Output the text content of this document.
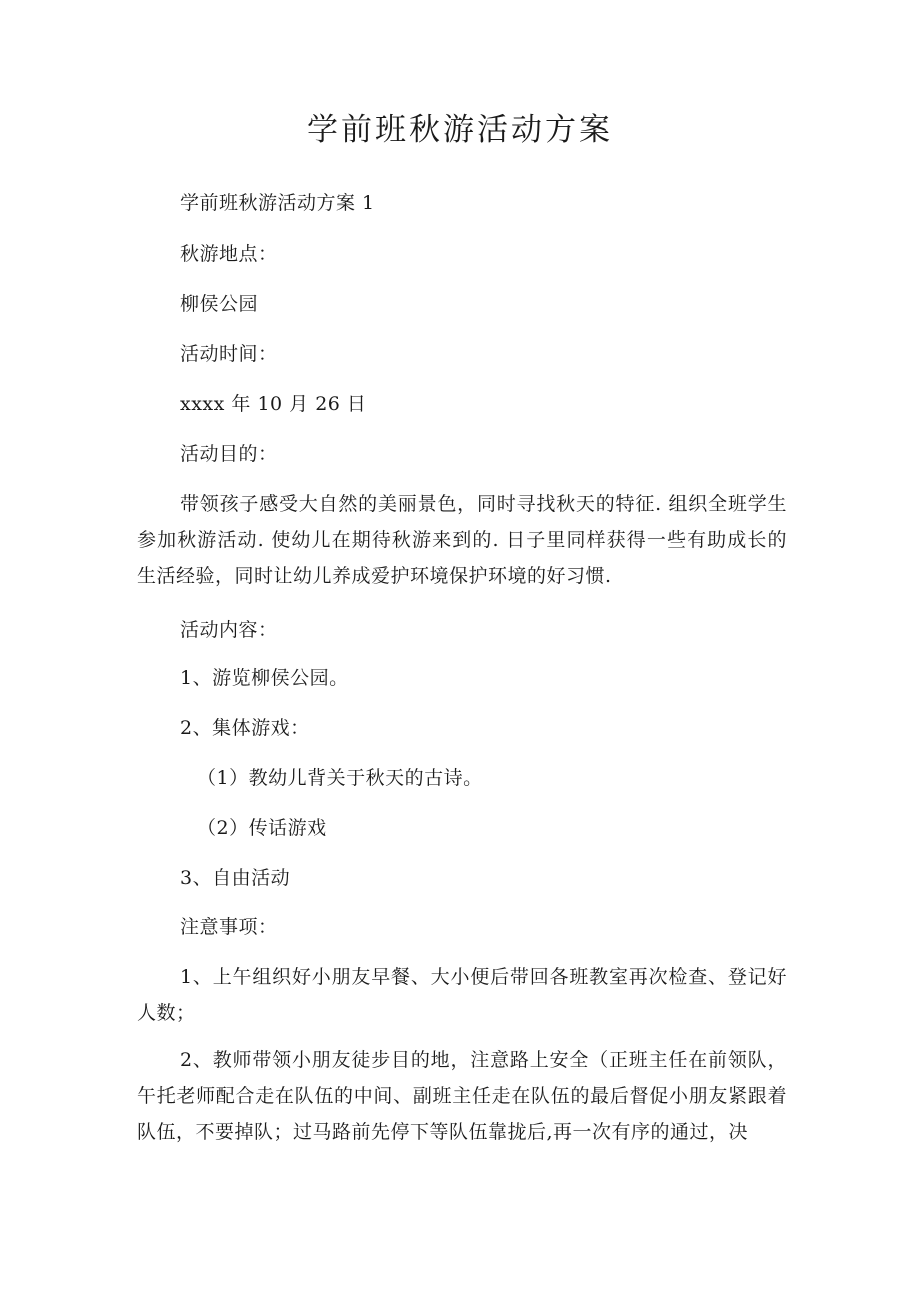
学前班秋游活动方案
学前班秋游活动方案 1
秋游地点：
柳侯公园
活动时间：
xxxx 年 10 月 26 日
活动目的：
带领孩子感受大自然的美丽景色，同时寻找秋天的特征. 组织全班学生参加秋游活动. 使幼儿在期待秋游来到的. 日子里同样获得一些有助成长的生活经验，同时让幼儿养成爱护环境保护环境的好习惯.
活动内容：
1、游览柳侯公园。
2、集体游戏：
（1）教幼儿背关于秋天的古诗。
（2）传话游戏
3、自由活动
注意事项：
1、上午组织好小朋友早餐、大小便后带回各班教室再次检查、登记好人数；
2、教师带领小朋友徒步目的地，注意路上安全（正班主任在前领队，午托老师配合走在队伍的中间、副班主任走在队伍的最后督促小朋友紧跟着队伍，不要掉队；过马路前先停下等队伍靠拢后,再一次有序的通过，决
